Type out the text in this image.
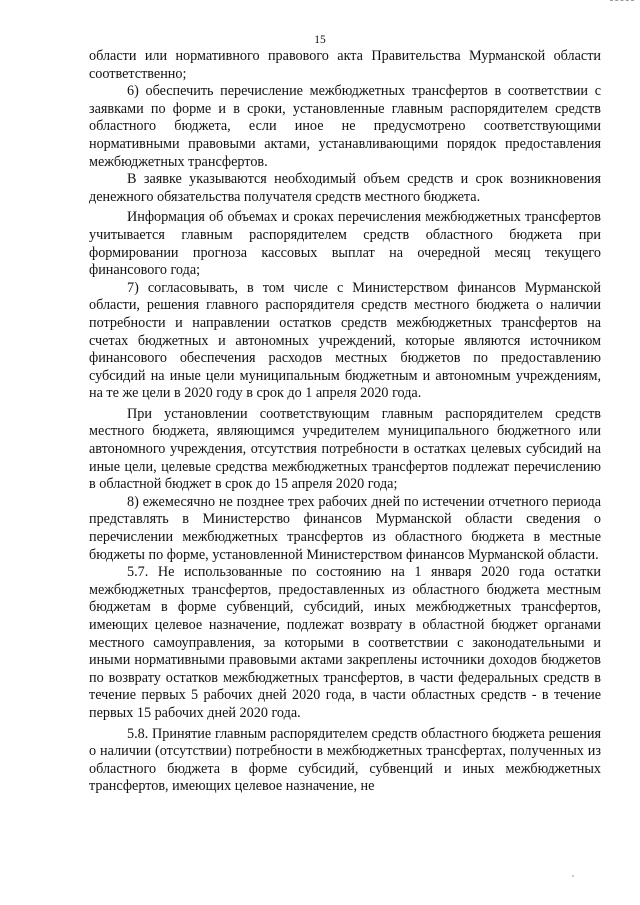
15

области или нормативного правового акта Правительства Мурманской области соответственно;

6) обеспечить перечисление межбюджетных трансфертов в соответствии с заявками по форме и в сроки, установленные главным распорядителем средств областного бюджета, если иное не предусмотрено соответствующими нормативными правовыми актами, устанавливающими порядок предоставления межбюджетных трансфертов.

В заявке указываются необходимый объем средств и срок возникновения денежного обязательства получателя средств местного бюджета.

Информация об объемах и сроках перечисления межбюджетных трансфертов учитывается главным распорядителем средств областного бюджета при формировании прогноза кассовых выплат на очередной месяц текущего финансового года;

7) согласовывать, в том числе с Министерством финансов Мурманской области, решения главного распорядителя средств местного бюджета о наличии потребности и направлении остатков средств межбюджетных трансфертов на счетах бюджетных и автономных учреждений, которые являются источником финансового обеспечения расходов местных бюджетов по предоставлению субсидий на иные цели муниципальным бюджетным и автономным учреждениям, на те же цели в 2020 году в срок до 1 апреля 2020 года.

При установлении соответствующим главным распорядителем средств местного бюджета, являющимся учредителем муниципального бюджетного или автономного учреждения, отсутствия потребности в остатках целевых субсидий на иные цели, целевые средства межбюджетных трансфертов подлежат перечислению в областной бюджет в срок до 15 апреля 2020 года;

8) ежемесячно не позднее трех рабочих дней по истечении отчетного периода представлять в Министерство финансов Мурманской области сведения о перечислении межбюджетных трансфертов из областного бюджета в местные бюджеты по форме, установленной Министерством финансов Мурманской области.

5.7. Не использованные по состоянию на 1 января 2020 года остатки межбюджетных трансфертов, предоставленных из областного бюджета местным бюджетам в форме субвенций, субсидий, иных межбюджетных трансфертов, имеющих целевое назначение, подлежат возврату в областной бюджет органами местного самоуправления, за которыми в соответствии с законодательными и иными нормативными правовыми актами закреплены источники доходов бюджетов по возврату остатков межбюджетных трансфертов, в части федеральных средств в течение первых 5 рабочих дней 2020 года, в части областных средств - в течение первых 15 рабочих дней 2020 года.

5.8. Принятие главным распорядителем средств областного бюджета решения о наличии (отсутствии) потребности в межбюджетных трансфертах, полученных из областного бюджета в форме субсидий, субвенций и иных межбюджетных трансфертов, имеющих целевое назначение, не
